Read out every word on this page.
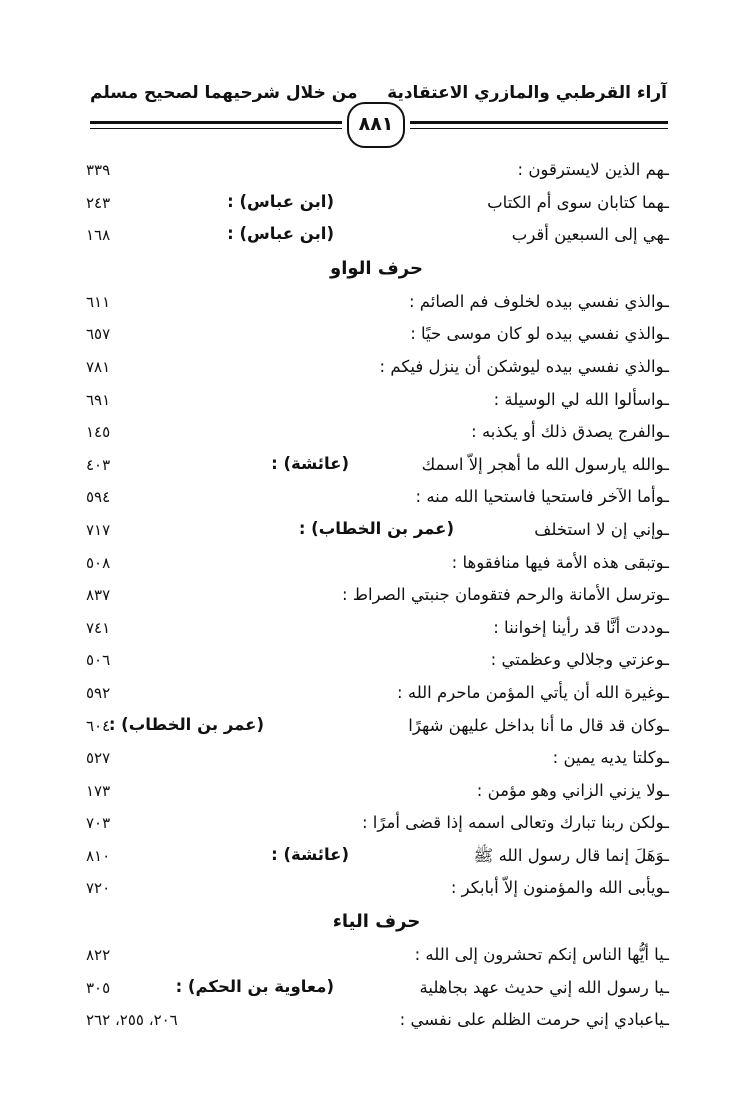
آراء القرطبي والمازري الاعتقادية
من خلال شرحيهما لصحيح مسلم
٨٨١
ـهم الذين لايسترقون :
٣٣٩
ـهما كتابان سوى أم الكتاب
(ابن عباس) :
٢٤٣
ـهي إلى السبعين أقرب
(ابن عباس) :
١٦٨
حرف الواو
ـوالذي نفسي بيده لخلوف فم الصائم :
٦١١
ـوالذي نفسي بيده لو كان موسى حيًا :
٦٥٧
ـوالذي نفسي بيده ليوشكن أن ينزل فيكم :
٧٨١
ـواسألوا الله لي الوسيلة :
٦٩١
ـوالفرج يصدق ذلك أو يكذبه :
١٤٥
ـوالله يارسول الله ما أهجر إلاّ اسمك
(عائشة) :
٤٠٣
ـوأما الآخر فاستحيا فاستحيا الله منه :
٥٩٤
ـوإني إن لا استخلف
(عمر بن الخطاب) :
٧١٧
ـوتبقى هذه الأمة فيها منافقوها :
٥٠٨
ـوترسل الأمانة والرحم فتقومان جنبتي الصراط :
٨٣٧
ـوددت أنَّا قد رأينا إخواننا :
٧٤١
ـوعزتي وجلالي وعظمتي :
٥٠٦
ـوغيرة الله أن يأتي المؤمن ماحرم الله :
٥٩٢
ـوكان قد قال ما أنا بداخل عليهن شهرًا
(عمر بن الخطاب) :
٦٠٤
ـوكلتا يديه يمين :
٥٢٧
ـولا يزني الزاني وهو مؤمن :
١٧٣
ـولكن ربنا تبارك وتعالى اسمه إذا قضى أمرًا :
٧٠٣
ـوَهَلَ إنما قال رسول الله ﷺ
(عائشة) :
٨١٠
ـويأبى الله والمؤمنون إلاّ أبابكر :
٧٢٠
حرف الياء
ـيا أيُّها الناس إنكم تحشرون إلى الله :
٨٢٢
ـيا رسول الله إني حديث عهد بجاهلية
(معاوية بن الحكم) :
٣٠٥
ـياعبادي إني حرمت الظلم على نفسي :
٢٠٦، ٢٥٥، ٢٦٢
